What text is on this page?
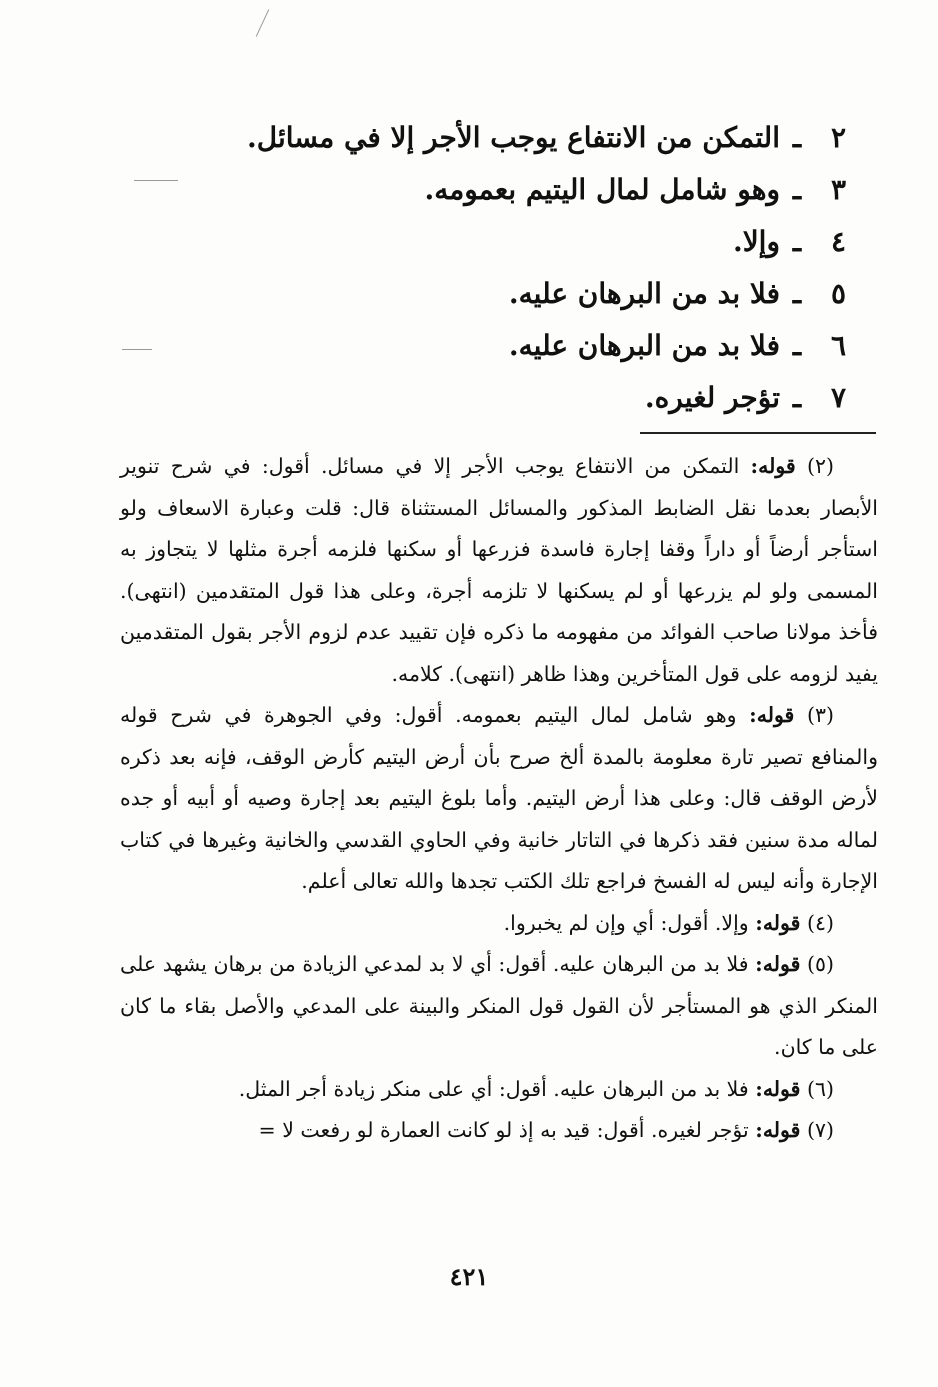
٢ـالتمكن من الانتفاع يوجب الأجر إلا في مسائل.
٣ـوهو شامل لمال اليتيم بعمومه.
٤ـوإلا.
٥ـفلا بد من البرهان عليه.
٦ـفلا بد من البرهان عليه.
٧ـتؤجر لغيره.

(٢) قوله: التمكن من الانتفاع يوجب الأجر إلا في مسائل. أقول: في شرح تنوير الأبصار بعدما نقل الضابط المذكور والمسائل المستثناة قال: قلت وعبارة الاسعاف ولو استأجر أرضاً أو داراً وقفا إجارة فاسدة فزرعها أو سكنها فلزمه أجرة مثلها لا يتجاوز به المسمى ولو لم يزرعها أو لم يسكنها لا تلزمه أجرة، وعلى هذا قول المتقدمين (انتهى). فأخذ مولانا صاحب الفوائد من مفهومه ما ذكره فإن تقييد عدم لزوم الأجر بقول المتقدمين يفيد لزومه على قول المتأخرين وهذا ظاهر (انتهى). كلامه.

(٣) قوله: وهو شامل لمال اليتيم بعمومه. أقول: وفي الجوهرة في شرح قوله والمنافع تصير تارة معلومة بالمدة ألخ صرح بأن أرض اليتيم كأرض الوقف، فإنه بعد ذكره لأرض الوقف قال: وعلى هذا أرض اليتيم. وأما بلوغ اليتيم بعد إجارة وصيه أو أبيه أو جده لماله مدة سنين فقد ذكرها في التاتار خانية وفي الحاوي القدسي والخانية وغيرها في كتاب الإجارة وأنه ليس له الفسخ فراجع تلك الكتب تجدها والله تعالى أعلم.

(٤) قوله: وإلا. أقول: أي وإن لم يخبروا.

(٥) قوله: فلا بد من البرهان عليه. أقول: أي لا بد لمدعي الزيادة من برهان يشهد على المنكر الذي هو المستأجر لأن القول قول المنكر والبينة على المدعي والأصل بقاء ما كان على ما كان.

(٦) قوله: فلا بد من البرهان عليه. أقول: أي على منكر زيادة أجر المثل.

(٧) قوله: تؤجر لغيره. أقول: قيد به إذ لو كانت العمارة لو رفعت لا =

٤٢١
